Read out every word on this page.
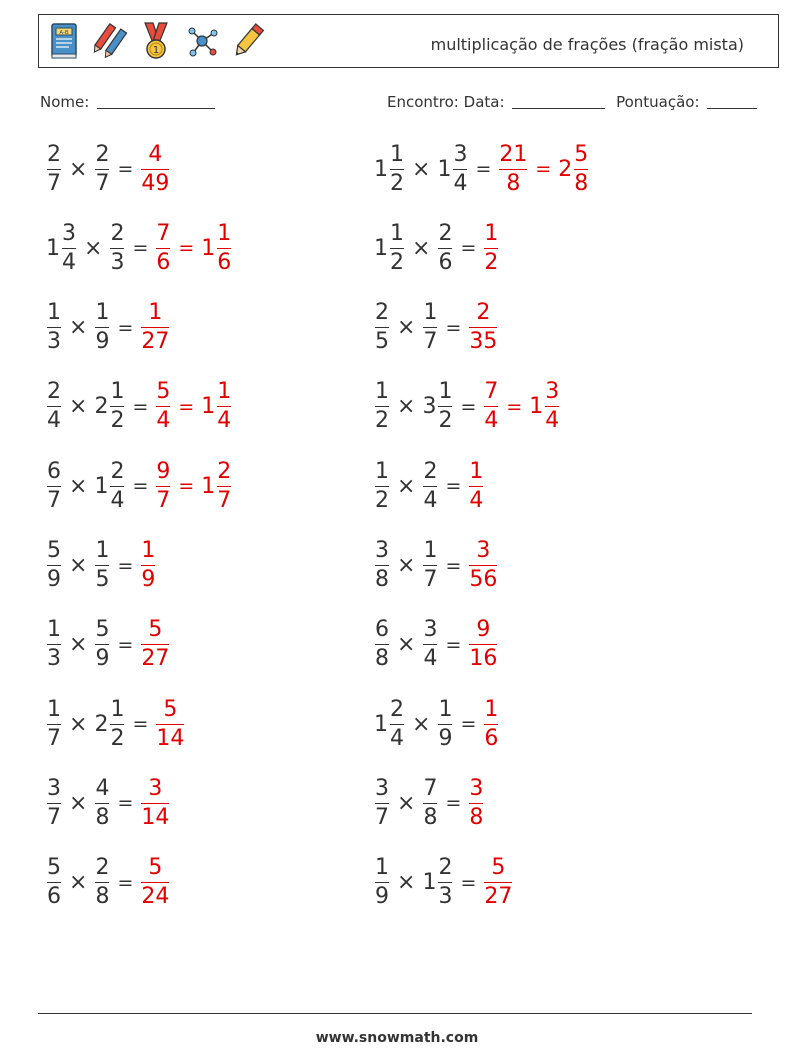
A-B
1	multiplicação de frações (fração mista)
Nome:	Encontro: Data:	Pontuação:
$\frac{2}{7} \times \frac{2}{7} = \frac{4}{49}$	$1 \frac{1}{2} \times 1 \frac{3}{4} = \frac{21}{8} = 2 \frac{5}{8}$
$1 \frac{3}{4} \times \frac{2}{3} = \frac{7}{6} = 1 \frac{1}{6}$	$1 \frac{1}{2} \times \frac{2}{6} = \frac{1}{2}$
$\frac{1}{3} \times \frac{1}{9} = \frac{1}{27}$	$\frac{2}{5} \times \frac{1}{7} = \frac{2}{35}$
$\frac{2}{4} \times 2 \frac{1}{2} = \frac{5}{4} = 1 \frac{1}{4}$	$\frac{1}{2} \times 3 \frac{1}{2} = \frac{7}{4} = 1 \frac{3}{4}$
$\frac{6}{7} \times 1 \frac{2}{4} = \frac{9}{7} = 1 \frac{2}{7}$	$\frac{1}{2} \times \frac{2}{4} = \frac{1}{4}$
$\frac{5}{9} \times \frac{1}{5} = \frac{1}{9}$	$\frac{3}{8} \times \frac{1}{7} = \frac{3}{56}$
$\frac{1}{3} \times \frac{5}{9} = \frac{5}{27}$	$\frac{6}{8} \times \frac{3}{4} = \frac{9}{16}$
$\frac{1}{7} \times 2 \frac{1}{2} = \frac{5}{14}$	$1 \frac{2}{4} \times \frac{1}{9} = \frac{1}{6}$
$\frac{3}{7} \times \frac{4}{8} = \frac{3}{14}$	$\frac{3}{7} \times \frac{7}{8} = \frac{3}{8}$
$\frac{5}{6} \times \frac{2}{8} = \frac{5}{24}$	$\frac{1}{9} \times 1 \frac{2}{3} = \frac{5}{27}$
www.snowmath.com
